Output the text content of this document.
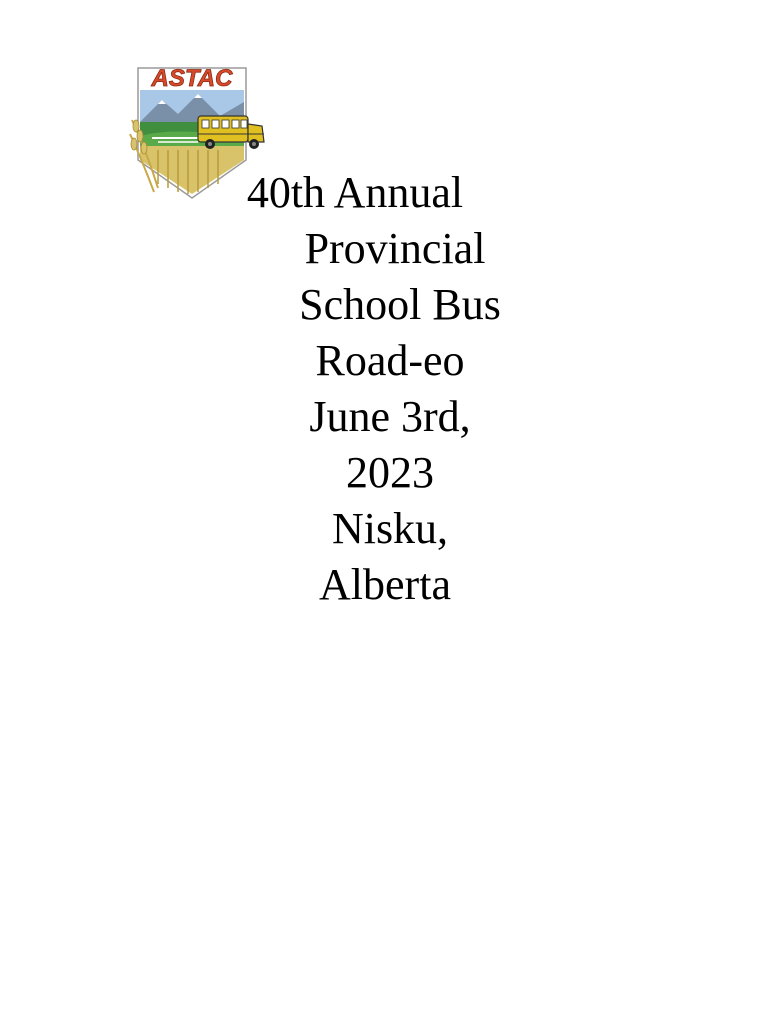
ASTAC
40th Annual
Provincial
School Bus
Road-eo
June 3rd,
2023
Nisku,
Alberta
